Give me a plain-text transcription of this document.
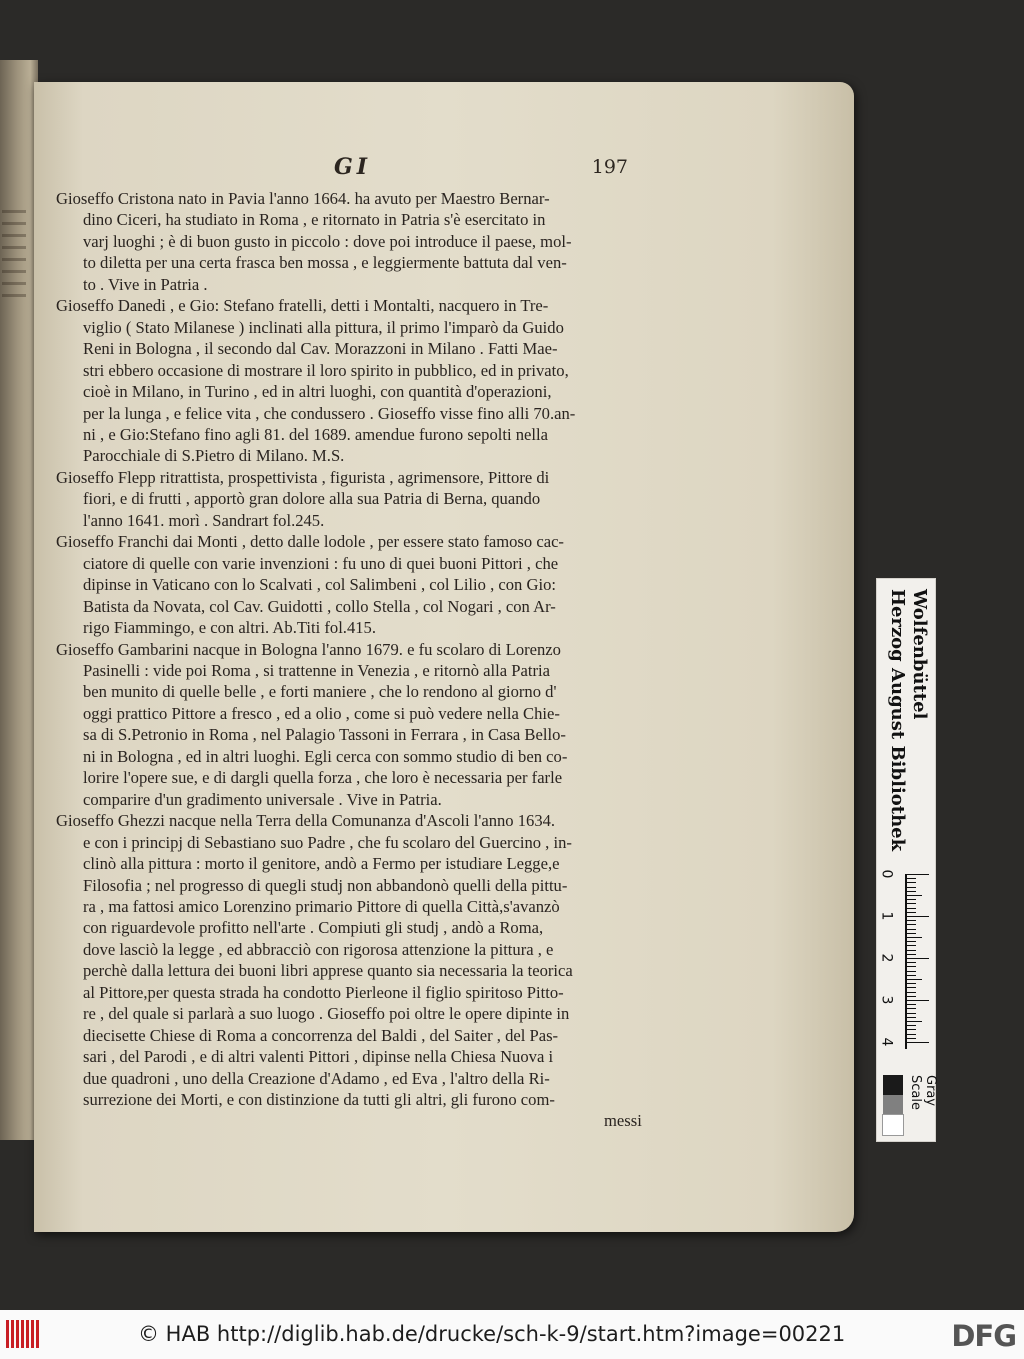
GI	197
Gioseffo Cristona nato in Pavia l'anno 1664. ha avuto per Maestro Bernar-
dino Ciceri, ha studiato in Roma , e ritornato in Patria s'è esercitato in
varj luoghi ; è di buon gusto in piccolo : dove poi introduce il paese, mol-
to diletta per una certa frasca ben mossa , e leggiermente battuta dal ven-
to . Vive in Patria .
Gioseffo Danedi , e Gio: Stefano fratelli, detti i Montalti, nacquero in Tre-
viglio ( Stato Milanese ) inclinati alla pittura, il primo l'imparò da Guido
Reni in Bologna , il secondo dal Cav. Morazzoni in Milano . Fatti Mae-
stri ebbero occasione di mostrare il loro spirito in pubblico, ed in privato,
cioè in Milano, in Turino , ed in altri luoghi, con quantità d'operazioni,
per la lunga , e felice vita , che condussero . Gioseffo visse fino alli 70.an-
ni , e Gio:Stefano fino agli 81. del 1689. amendue furono sepolti nella
Parocchiale di S.Pietro di Milano. M.S.
Gioseffo Flepp ritrattista, prospettivista , figurista , agrimensore, Pittore di
fiori, e di frutti , apportò gran dolore alla sua Patria di Berna, quando
l'anno 1641. morì . Sandrart fol.245.
Gioseffo Franchi dai Monti , detto dalle lodole , per essere stato famoso cac-
ciatore di quelle con varie invenzioni : fu uno di quei buoni Pittori , che
dipinse in Vaticano con lo Scalvati , col Salimbeni , col Lilio , con Gio:
Batista da Novata, col Cav. Guidotti , collo Stella , col Nogari , con Ar-
rigo Fiammingo, e con altri. Ab.Titi fol.415.
Gioseffo Gambarini nacque in Bologna l'anno 1679. e fu scolaro di Lorenzo
Pasinelli : vide poi Roma , si trattenne in Venezia , e ritornò alla Patria
ben munito di quelle belle , e forti maniere , che lo rendono al giorno d'
oggi prattico Pittore a fresco , ed a olio , come si può vedere nella Chie-
sa di S.Petronio in Roma , nel Palagio Tassoni in Ferrara , in Casa Bello-
ni in Bologna , ed in altri luoghi. Egli cerca con sommo studio di ben co-
lorire l'opere sue, e di dargli quella forza , che loro è necessaria per farle
comparire d'un gradimento universale . Vive in Patria.
Gioseffo Ghezzi nacque nella Terra della Comunanza d'Ascoli l'anno 1634.
e con i principj di Sebastiano suo Padre , che fu scolaro del Guercino , in-
clinò alla pittura : morto il genitore, andò a Fermo per istudiare Legge,e
Filosofia ; nel progresso di quegli studj non abbandonò quelli della pittu-
ra , ma fattosi amico Lorenzino primario Pittore di quella Città,s'avanzò
con riguardevole profitto nell'arte . Compiuti gli studj , andò a Roma,
dove lasciò la legge , ed abbracciò con rigorosa attenzione la pittura , e
perchè dalla lettura dei buoni libri apprese quanto sia necessaria la teorica
al Pittore,per questa strada ha condotto Pierleone il figlio spiritoso Pitto-
re , del quale si parlarà a suo luogo . Gioseffo poi oltre le opere dipinte in
diecisette Chiese di Roma a concorrenza del Baldi , del Saiter , del Pas-
sari , del Parodi , e di altri valenti Pittori , dipinse nella Chiesa Nuova i
due quadroni , uno della Creazione d'Adamo , ed Eva , l'altro della Ri-
surrezione dei Morti, e con distinzione da tutti gli altri, gli furono com-
messi
Herzog August Bibliothek Wolfenbüttel
0
1
2
3
4
Gray Scale
© HAB http://diglib.hab.de/drucke/sch-k-9/start.htm?image=00221	DFG
